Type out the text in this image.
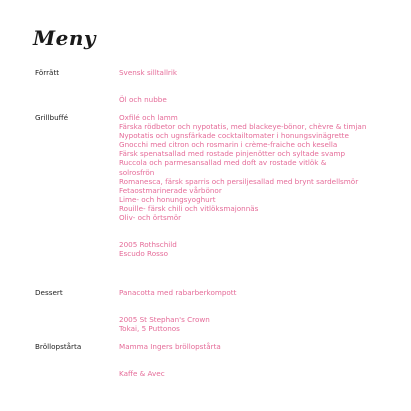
Meny
Förrätt	Svensk silltallrik
Öl och nubbe
Grillbuffé	Oxfilé och lamm
Färska rödbetor och nypotatis, med blackeye-bönor, chèvre & timjan
Nypotatis och ugnsfärkade cocktailtomater i honungsvinägrette
Gnocchi med citron och rosmarin i crème-fraiche och kesella
Färsk spenatsallad med rostade pinjenötter och syltade svamp
Ruccola och parmesansallad med doft av rostade vitlök &
solrosfrön
Romanesca, färsk sparris och persiljesallad med brynt sardellsmör
Fetaostmarinerade vårbönor
Lime- och honungsyoghurt
Rouille- färsk chili och vitlöksmajonnäs
Oliv- och örtsmör
2005 Rothschild
Escudo Rosso
Dessert	Panacotta med rabarberkompott
2005 St Stephan's Crown
Tokai, 5 Puttonos
Bröllopstårta	Mamma Ingers bröllopstårta
Kaffe & Avec
